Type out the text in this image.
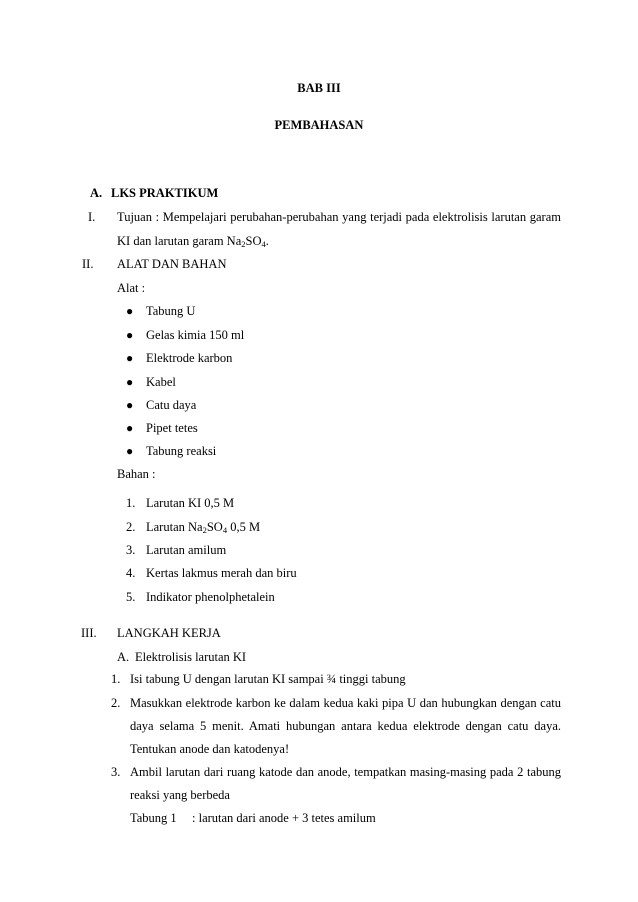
BAB III
PEMBAHASAN
A. LKS PRAKTIKUM
I. Tujuan : Mempelajari perubahan-perubahan yang terjadi pada elektrolisis larutan garam
KI dan larutan garam $Na_2SO_4$.
II. ALAT DAN BAHAN
Alat :
● Tabung U
● Gelas kimia 150 ml
● Elektrode karbon
● Kabel
● Catu daya
● Pipet tetes
● Tabung reaksi
Bahan :
1. Larutan KI 0,5 M
2. Larutan $Na_2SO_4$ 0,5 M
3. Larutan amilum
4. Kertas lakmus merah dan biru
5. Indikator phenolphetalein
III. LANGKAH KERJA
A. Elektrolisis larutan KI
1. Isi tabung U dengan larutan KI sampai ¾ tinggi tabung
2. Masukkan elektrode karbon ke dalam kedua kaki pipa U dan hubungkan dengan catu
daya selama 5 menit. Amati hubungan antara kedua elektrode dengan catu daya.
Tentukan anode dan katodenya!
3. Ambil larutan dari ruang katode dan anode, tempatkan masing-masing pada 2 tabung
reaksi yang berbeda
Tabung 1 : larutan dari anode + 3 tetes amilum
